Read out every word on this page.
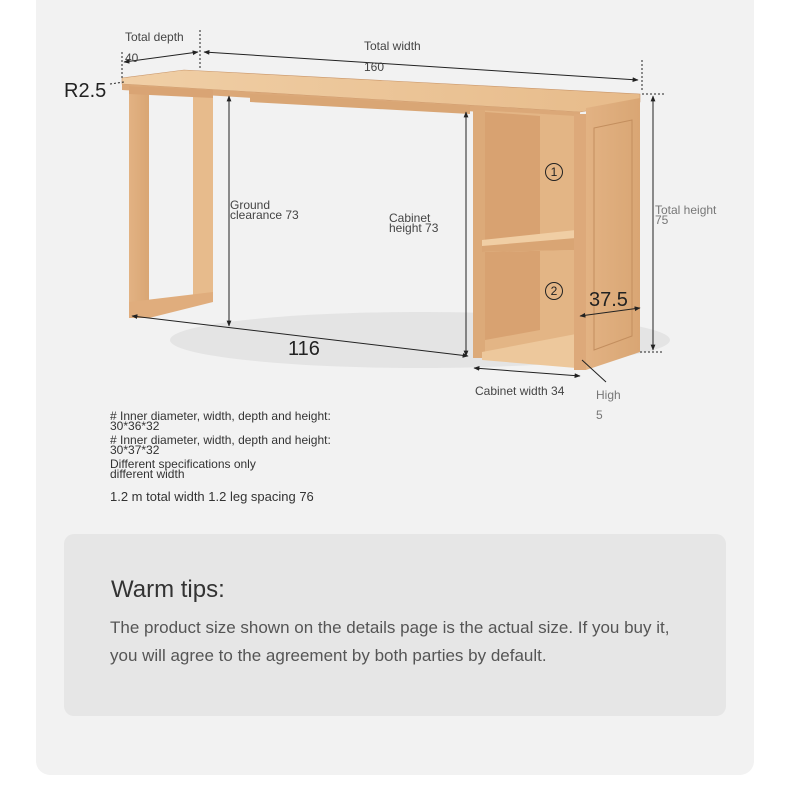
Total depth
40
Total width
160
R2.5
Ground
clearance 73	Cabinet
height 73
Total height
75
37.5
116
Cabinet width 34	High
5
1
2
# Inner diameter, width, depth and height:
30*36*32
# Inner diameter, width, depth and height:
30*37*32
Different specifications only
different width
1.2 m total width 1.2 leg spacing 76
Warm tips:
The product size shown on the details page is the actual size. If you buy it, you will agree to the agreement by both parties by default.
